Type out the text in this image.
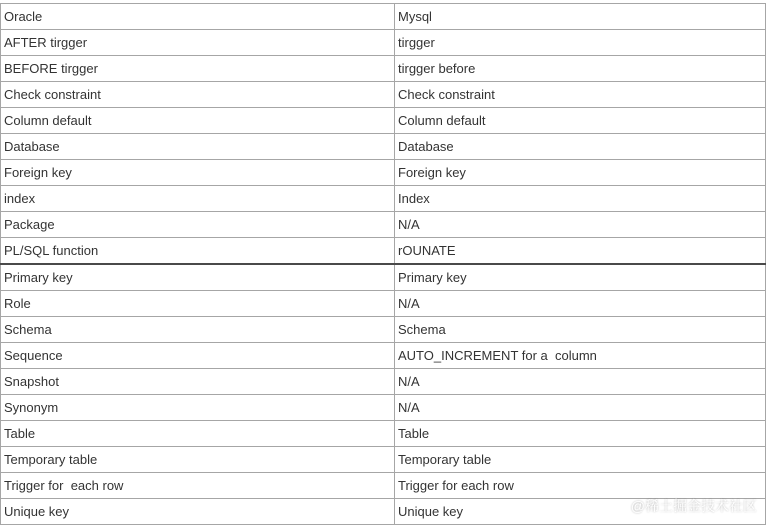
Oracle	Mysql
AFTER tirgger	tirgger
BEFORE tirgger	tirgger before
Check constraint	Check constraint
Column default	Column default
Database	Database
Foreign key	Foreign key
index	Index
Package	N/A
PL/SQL function	rOUNATE
Primary key	Primary key
Role	N/A
Schema	Schema
Sequence	AUTO_INCREMENT for a  column
Snapshot	N/A
Synonym	N/A
Table	Table
Temporary table	Temporary table
Trigger for  each row	Trigger for each row
Unique key	Unique key	@稀土掘金技术社区
